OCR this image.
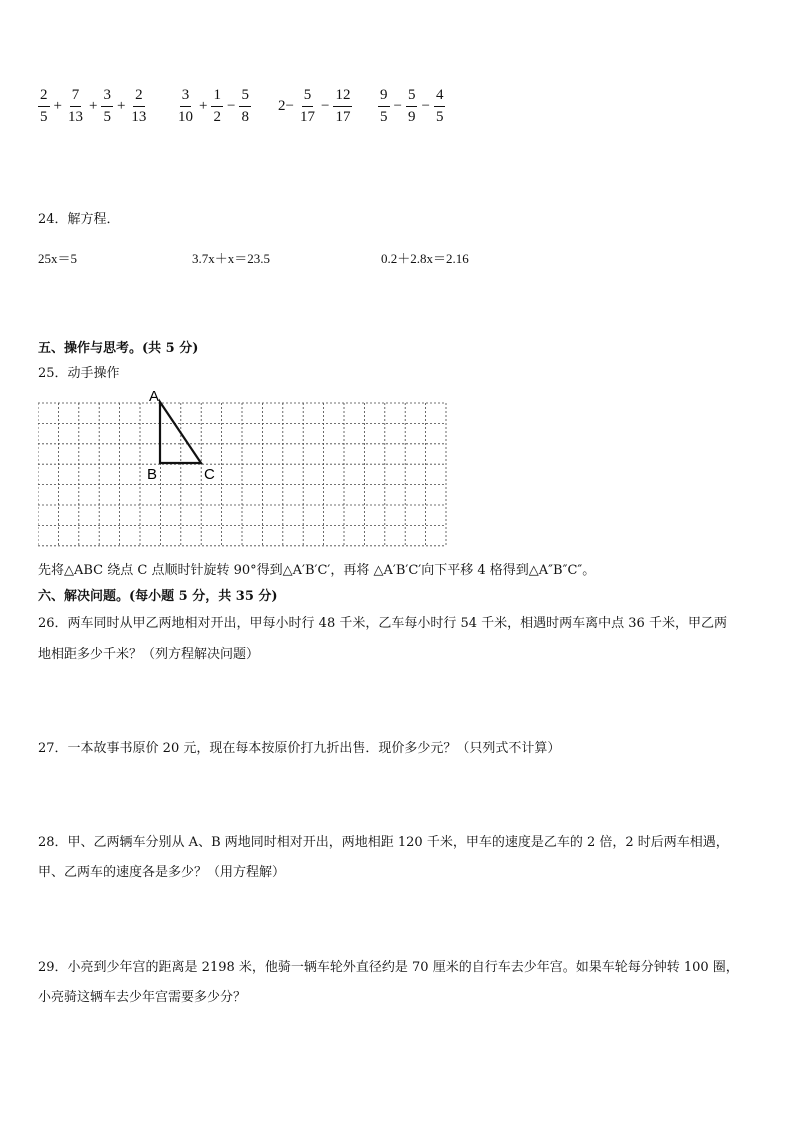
$\frac{2}{5} + \frac{7}{13} + \frac{3}{5} + \frac{2}{13} \frac{3}{10} + \frac{1}{2} - \frac{5}{8} 2- \frac{5}{17} - \frac{12}{17} \frac{9}{5} - \frac{5}{9} - \frac{4}{5}$
24．解方程．
25x＝5	3.7x＋x＝23.5	0.2＋2.8x＝2.16
五、操作与思考。(共 5 分)
25．动手操作
A
B	C
先将△ABC 绕点 C 点顺时针旋转 90°得到△A′B′C′，再将 △A′B′C′向下平移 4 格得到△A″B″C″。
六、解决问题。(每小题 5 分，共 35 分)
26．两车同时从甲乙两地相对开出，甲每小时行 48 千米，乙车每小时行 54 千米，相遇时两车离中点 36 千米，甲乙两
地相距多少千米？（列方程解决问题）
27．一本故事书原价 20 元，现在每本按原价打九折出售．现价多少元？（只列式不计算）
28．甲、乙两辆车分别从 A、B 两地同时相对开出，两地相距 120 千米，甲车的速度是乙车的 2 倍，2 时后两车相遇，
甲、乙两车的速度各是多少？（用方程解）
29．小亮到少年宫的距离是 2198 米，他骑一辆车轮外直径约是 70 厘米的自行车去少年宫。如果车轮每分钟转 100 圈，
小亮骑这辆车去少年宫需要多少分？
